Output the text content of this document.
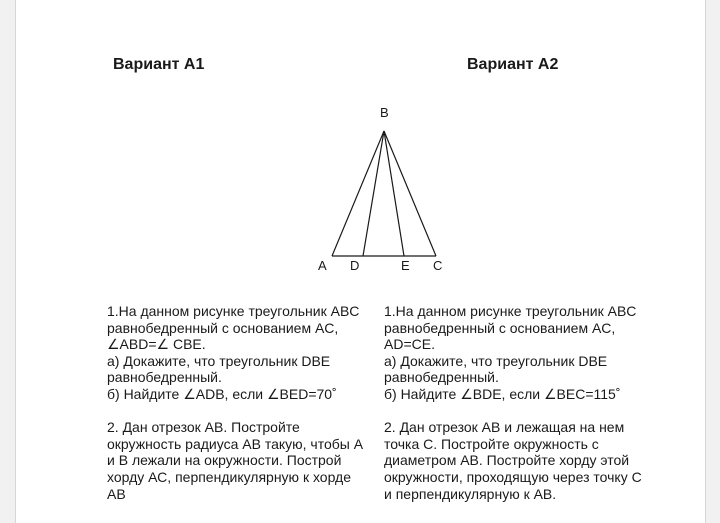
Вариант А1	Вариант А2

1.На данном рисунке треугольник ABC

равнобедренный с основанием AC,

∠ABD=∠ CBE.

а) Докажите, что треугольник DBE

равнобедренный.

б) Найдите ∠ADB, если ∠BED=70˚

2. Дан отрезок АВ. Постройте

окружность радиуса АВ такую, чтобы А

и В лежали на окружности. Построй

хорду АС, перпендикулярную к хорде

АВ

1.На данном рисунке треугольник ABC

равнобедренный с основанием AC,

AD=CE.

а) Докажите, что треугольник DBE

равнобедренный.

б) Найдите ∠BDE, если ∠BEC=115˚

2. Дан отрезок АВ и лежащая на нем

точка С. Постройте окружность с

диаметром АВ. Постройте хорду этой

окружности, проходящую через точку С

и перпендикулярную к АВ.

B
A D	E C
